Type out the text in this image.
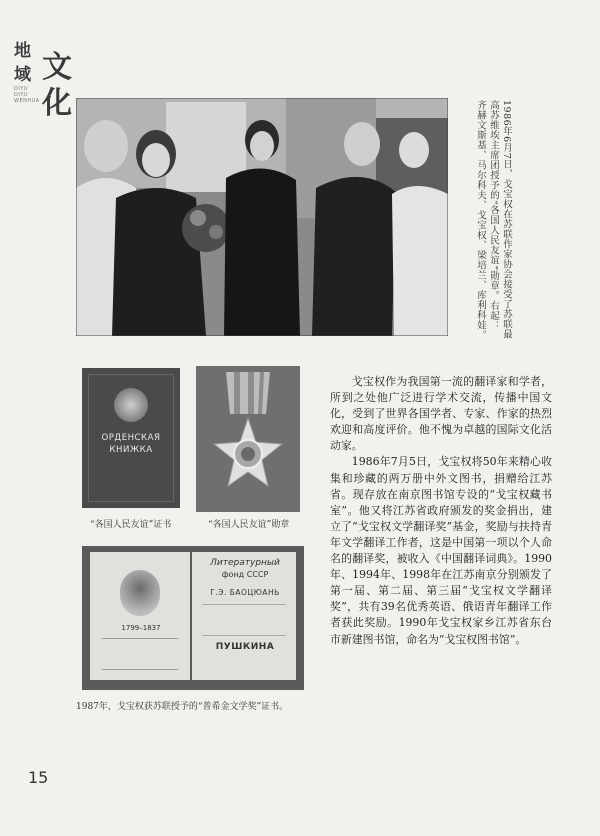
地
域 文
化
DIYU DIYU WENHUA	1986年6月7日，戈宝权在苏联作家协会接受了苏联最高苏维埃主席团授予的“各国人民友谊”勋章。右起：齐赫文斯基、马尔科夫、戈宝权、梁培兰、库利科娃。
ОРДЕНСКАЯ
КНИЖКА
“各国人民友谊”证书	“各国人民友谊”勋章
1799–1837
Литературный
фонд СССР
Г.Э. БАОЦЮАНЬ
ПУШКИНА
1987年，戈宝权获苏联授予的“普希金文学奖”证书。

戈宝权作为我国第一流的翻译家和学者，所到之处他广泛进行学术交流，传播中国文化，受到了世界各国学者、专家、作家的热烈欢迎和高度评价。他不愧为卓越的国际文化活动家。

1986年7月5日，戈宝权将50年来精心收集和珍藏的两万册中外文图书，捐赠给江苏省。现存放在南京图书馆专设的“戈宝权藏书室”。他又将江苏省政府颁发的奖金捐出，建立了“戈宝权文学翻译奖”基金，奖励与扶持青年文学翻译工作者，这是中国第一项以个人命名的翻译奖，被收入《中国翻译词典》。1990年、1994年、1998年在江苏南京分别颁发了第一届、第二届、第三届“戈宝权文学翻译奖”，共有39名优秀英语、俄语青年翻译工作者获此奖励。1990年戈宝权家乡江苏省东台市新建图书馆，命名为“戈宝权图书馆”。

15
